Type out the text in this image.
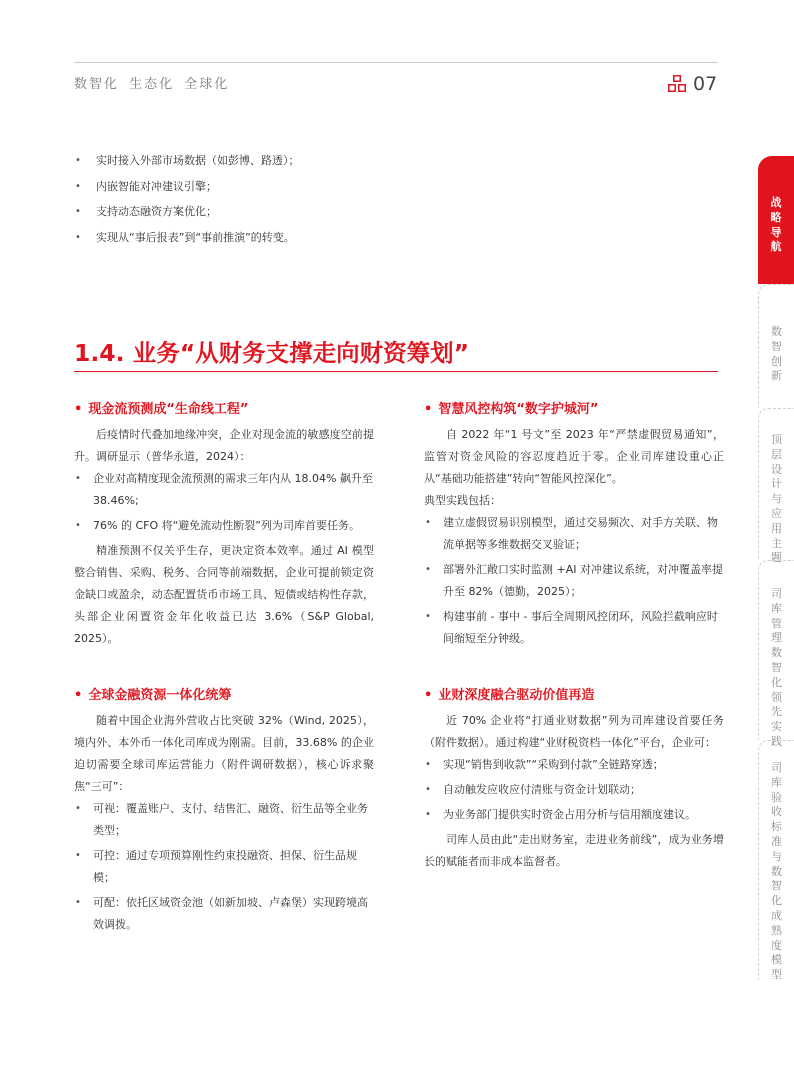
数智化 生态化 全球化	07
• 实时接入外部市场数据（如彭博、路透）；
• 内嵌智能对冲建议引擎；
• 支持动态融资方案优化；
• 实现从“事后报表”到“事前推演”的转变。
1.4. 业务“从财务支撑走向财资筹划”
• 现金流预测成“生命线工程”

后疫情时代叠加地缘冲突，企业对现金流的敏感度空前提升。调研显示（普华永道，2024）：

• 企业对高精度现金流预测的需求三年内从 18.04% 飙升至 38.46%;
• 76% 的 CFO 将“避免流动性断裂”列为司库首要任务。

精准预测不仅关乎生存，更决定资本效率。通过 AI 模型整合销售、采购、税务、合同等前端数据，企业可提前锁定资金缺口或盈余，动态配置货币市场工具、短债或结构性存款，头部企业闲置资金年化收益已达 3.6%（S&P Global, 2025）。

• 全球金融资源一体化统筹

随着中国企业海外营收占比突破 32%（Wind, 2025），境内外、本外币一体化司库成为刚需。目前，33.68% 的企业迫切需要全球司库运营能力（附件调研数据），核心诉求聚焦“三可”：

• 可视：覆盖账户、支付、结售汇、融资、衍生品等全业务类型；
• 可控：通过专项预算刚性约束投融资、担保、衍生品规模；
• 可配：依托区域资金池（如新加坡、卢森堡）实现跨境高效调拨。
• 智慧风控构筑“数字护城河”

自 2022 年“1 号文”至 2023 年“严禁虚假贸易通知”，监管对资金风险的容忍度趋近于零。企业司库建设重心正从“基础功能搭建”转向“智能风控深化”。

典型实践包括：

• 建立虚假贸易识别模型，通过交易频次、对手方关联、物流单据等多维数据交叉验证；
• 部署外汇敞口实时监测 +AI 对冲建议系统，对冲覆盖率提升至 82%（德勤，2025）；
• 构建事前 - 事中 - 事后全周期风控闭环，风险拦截响应时间缩短至分钟级。
• 业财深度融合驱动价值再造

近 70% 企业将“打通业财数据”列为司库建设首要任务（附件数据）。通过构建“业财税资档一体化”平台，企业可：

• 实现“销售到收款”“采购到付款”全链路穿透；
• 自动触发应收应付清账与资金计划联动；
• 为业务部门提供实时资金占用分析与信用额度建议。

司库人员由此“走出财务室，走进业务前线”，成为业务增长的赋能者而非成本监督者。

战略导航
数智创新
顶层设计与应用主题
司库管理数智化领先实践
司库验收标准与数智化成熟度模型
